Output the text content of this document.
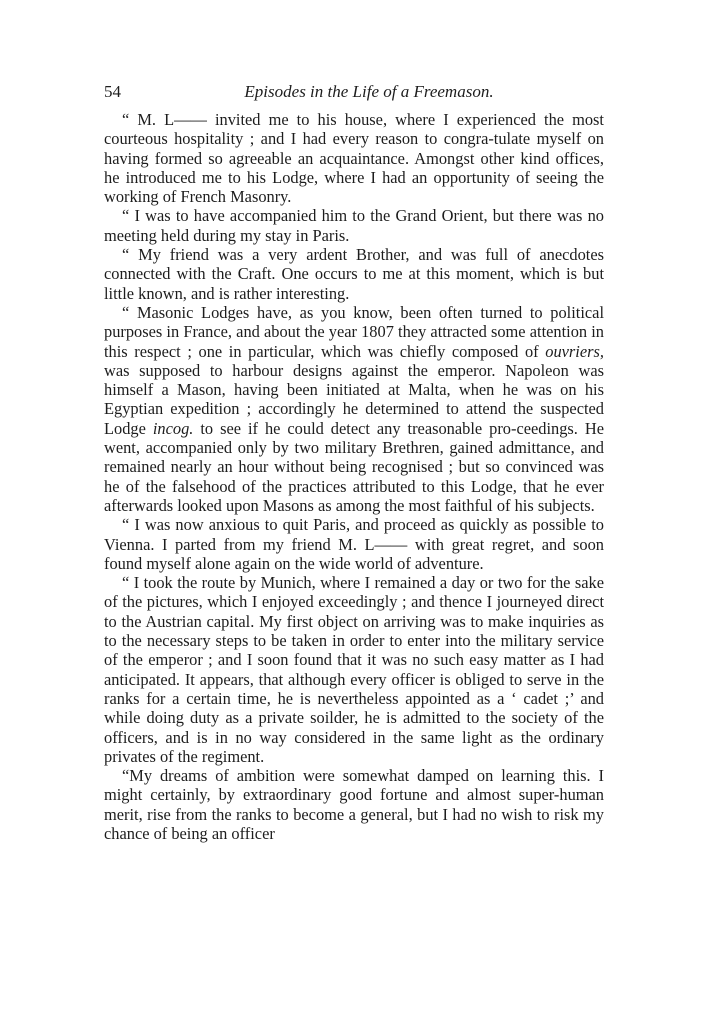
54	Episodes in the Life of a Freemason.

“ M. L—— invited me to his house, where I experienced the most courteous hospitality ; and I had every reason to congra-tulate myself on having formed so agreeable an acquaintance. Amongst other kind offices, he introduced me to his Lodge, where I had an opportunity of seeing the working of French Masonry.

“ I was to have accompanied him to the Grand Orient, but there was no meeting held during my stay in Paris.

“ My friend was a very ardent Brother, and was full of anecdotes connected with the Craft. One occurs to me at this moment, which is but little known, and is rather interesting.

“ Masonic Lodges have, as you know, been often turned to political purposes in France, and about the year 1807 they attracted some attention in this respect ; one in particular, which was chiefly composed of ouvriers, was supposed to harbour designs against the emperor. Napoleon was himself a Mason, having been initiated at Malta, when he was on his Egyptian expedition ; accordingly he determined to attend the suspected Lodge incog. to see if he could detect any treasonable pro-ceedings. He went, accompanied only by two military Brethren, gained admittance, and remained nearly an hour without being recognised ; but so convinced was he of the falsehood of the practices attributed to this Lodge, that he ever afterwards looked upon Masons as among the most faithful of his subjects.

“ I was now anxious to quit Paris, and proceed as quickly as possible to Vienna. I parted from my friend M. L—— with great regret, and soon found myself alone again on the wide world of adventure.

“ I took the route by Munich, where I remained a day or two for the sake of the pictures, which I enjoyed exceedingly ; and thence I journeyed direct to the Austrian capital. My first object on arriving was to make inquiries as to the necessary steps to be taken in order to enter into the military service of the emperor ; and I soon found that it was no such easy matter as I had anticipated. It appears, that although every officer is obliged to serve in the ranks for a certain time, he is nevertheless appointed as a ‘ cadet ;’ and while doing duty as a private soilder, he is admitted to the society of the officers, and is in no way considered in the same light as the ordinary privates of the regiment.

“My dreams of ambition were somewhat damped on learning this. I might certainly, by extraordinary good fortune and almost super-human merit, rise from the ranks to become a general, but I had no wish to risk my chance of being an officer
